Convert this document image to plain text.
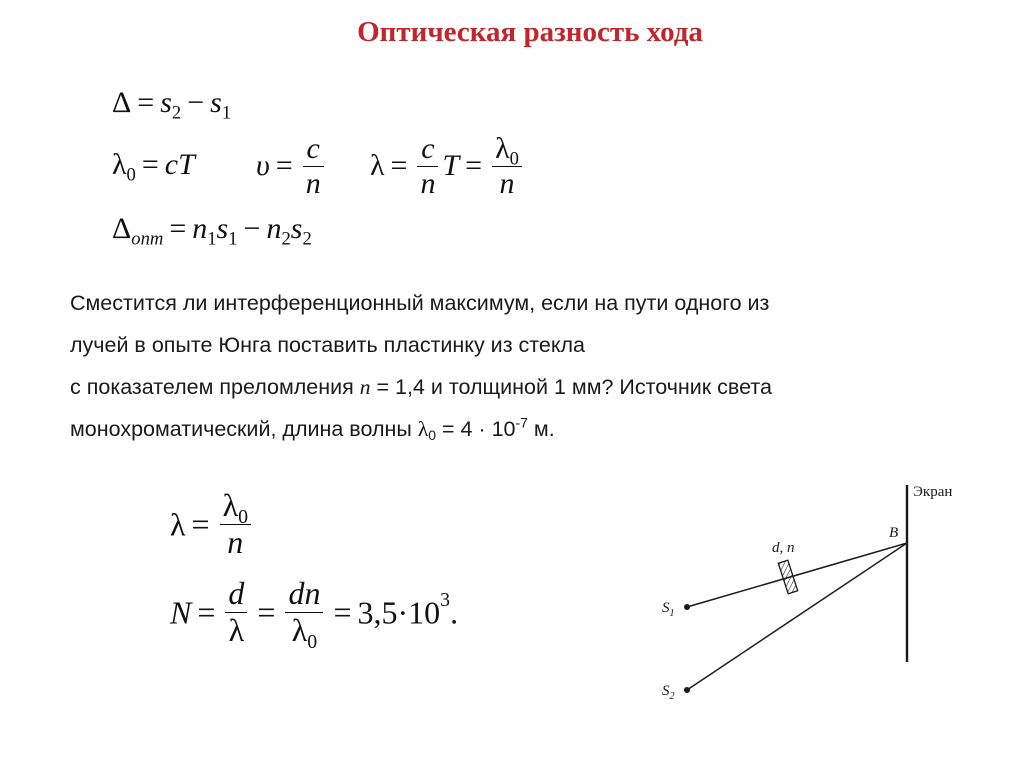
Оптическая разность хода
$\Delta = s_2 - s_1$
$\lambda_0$ = cT $\upsilon = \frac{c}{n}$ $\lambda = \frac{c}{n}$ $T = \frac{\lambda_0}{n}$
$\Delta_{опт} = n_1s_1 - n_2s_2$
Сместится ли интерференционный максимум, если на пути одного из
лучей в опыте Юнга поставить пластинку из стекла
с показателем преломления n = 1,4 и толщиной 1 мм? Источник света
монохроматический, длина волны $\lambda_0 = 4 \cdot 10^{-7}$ м.
$\lambda = \frac{\lambda_0}{n}$
$N = \frac{d}{\lambda} = \frac{dn}{\lambda_0} = 3,5\cdot 10^3$.
Экран
B
d, n
$S_1$
$S_2$
